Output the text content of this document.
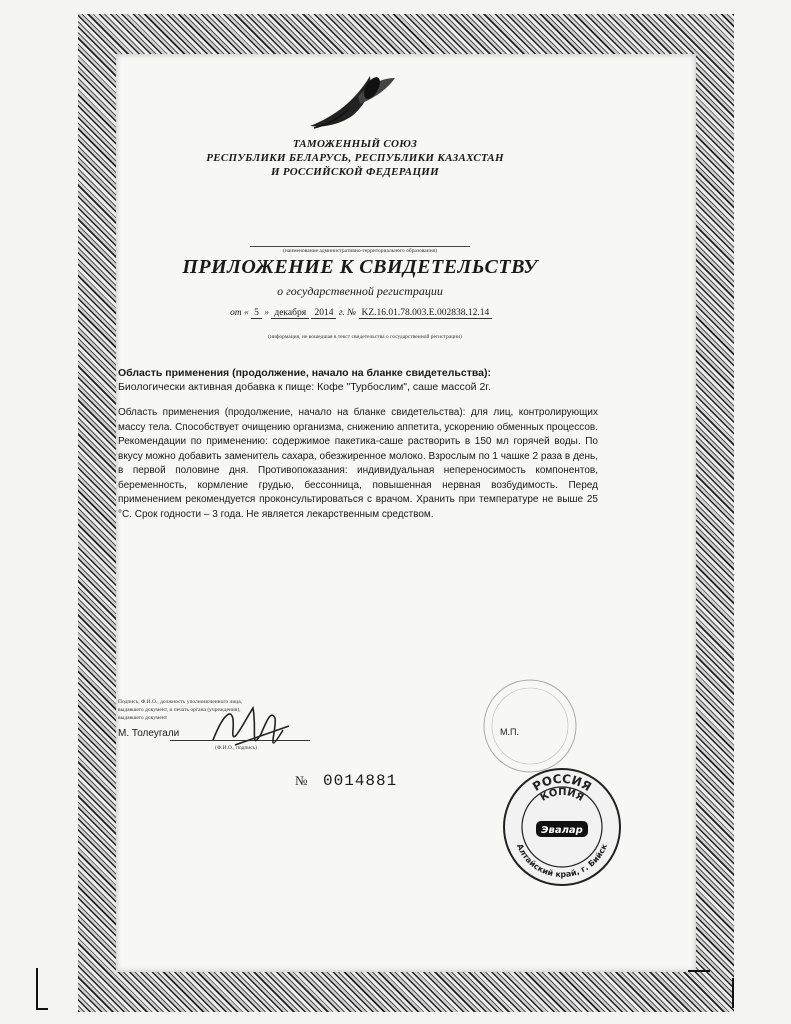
ТАМОЖЕННЫЙ СОЮЗ
РЕСПУБЛИКИ БЕЛАРУСЬ, РЕСПУБЛИКИ КАЗАХСТАН
И РОССИЙСКОЙ ФЕДЕРАЦИИ
(наименование административно-территориального образования)
ПРИЛОЖЕНИЕ К СВИДЕТЕЛЬСТВУ
о государственной регистрации
от « 5 » декабря 2014 г. № KZ.16.01.78.003.Е.002838.12.14
(информация, не вошедшая в текст свидетельства о государственной регистрации)
Область применения (продолжение, начало на бланке свидетельства):
Биологически активная добавка к пище: Кофе "Турбослим", саше массой 2г.
Область применения (продолжение, начало на бланке свидетельства): для лиц, контролирующих массу тела. Способствует очищению организма, снижению аппетита, ускорению обменных процессов. Рекомендации по применению: содержимое пакетика-саше растворить в 150 мл горячей воды. По вкусу можно добавить заменитель сахара, обезжиренное молоко. Взрослым по 1 чашке 2 раза в день, в первой половине дня. Противопоказания: индивидуальная непереносимость компонентов, беременность, кормление грудью, бессонница, повышенная нервная возбудимость. Перед применением рекомендуется проконсультироваться с врачом. Хранить при температуре не выше 25 °С. Срок годности – 3 года. Не является лекарственным средством.
Подпись, Ф.И.О., должность уполномоченного лица,
выдавшего документ, и печать органа (учреждения),
выдавшего документ
М. Толеугали
(Ф.И.О., подпись)
М.П.
№ 0014881	РОССИЯ
КОПИЯ
Алтайский край, г. Бийск
Эвалар
